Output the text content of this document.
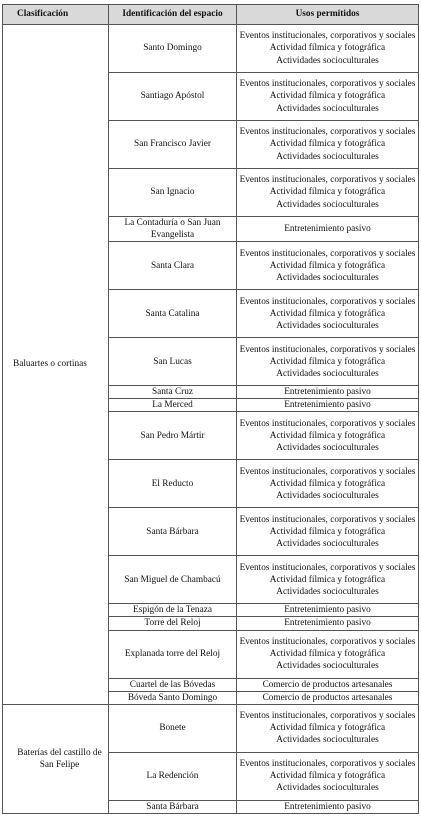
Clasificación	Identificación del espacio	Usos permitidos
Baluartes o cortinas	Santo Domingo	Eventos institucionales, corporativos y sociales
Actividad fílmica y fotográfica
Actividades socioculturales

	Santiago Apóstol	Eventos institucionales, corporativos y sociales
Actividad fílmica y fotográfica
Actividades socioculturales

	San Francisco Javier	Eventos institucionales, corporativos y sociales
Actividad fílmica y fotográfica
Actividades socioculturales

	San Ignacio	Eventos institucionales, corporativos y sociales
Actividad fílmica y fotográfica
Actividades socioculturales

	La Contaduría o San Juan Evangelista	Entretenimiento pasivo

	Santa Clara	Eventos institucionales, corporativos y sociales
Actividad fílmica y fotográfica
Actividades socioculturales

	Santa Catalina	Eventos institucionales, corporativos y sociales
Actividad fílmica y fotográfica
Actividades socioculturales

	San Lucas	Eventos institucionales, corporativos y sociales
Actividad fílmica y fotográfica
Actividades socioculturales

	Santa Cruz	Entretenimiento pasivo

	La Merced	Entretenimiento pasivo

	San Pedro Mártir	Eventos institucionales, corporativos y sociales
Actividad fílmica y fotográfica
Actividades socioculturales

	El Reducto	Eventos institucionales, corporativos y sociales
Actividad fílmica y fotográfica
Actividades socioculturales

	Santa Bárbara	Eventos institucionales, corporativos y sociales
Actividad fílmica y fotográfica
Actividades socioculturales

	San Miguel de Chambacú	Eventos institucionales, corporativos y sociales
Actividad fílmica y fotográfica
Actividades socioculturales

	Espigón de la Tenaza	Entretenimiento pasivo

	Torre del Reloj	Entretenimiento pasivo

	Explanada torre del Reloj	Eventos institucionales, corporativos y sociales
Actividad fílmica y fotográfica
Actividades socioculturales

	Cuartel de las Bóvedas	Comercio de productos artesanales

	Bóveda Santo Domingo	Comercio de productos artesanales

Baterías del castillo de San Felipe	Bonete	Eventos institucionales, corporativos y sociales
Actividad fílmica y fotográfica
Actividades socioculturales

	La Redención	Eventos institucionales, corporativos y sociales
Actividad fílmica y fotográfica
Actividades socioculturales

	Santa Bárbara	Entretenimiento pasivo
